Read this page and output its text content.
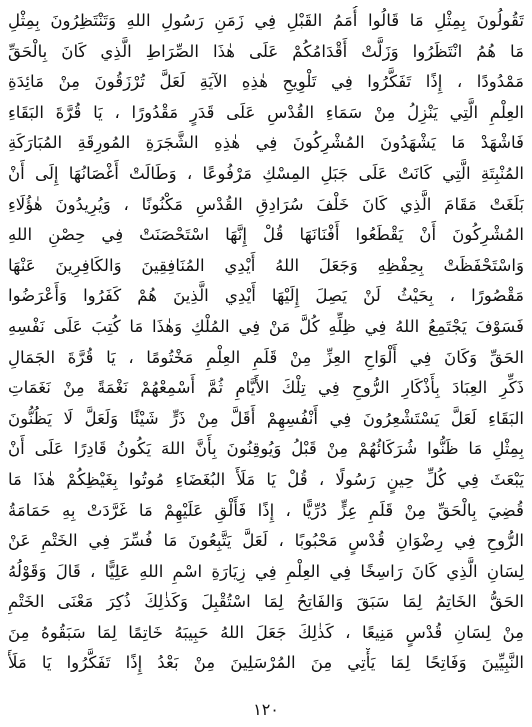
تَقُولُونَ بِمِثْلِ مَا قَالُوا أُمَمُ القَبْلِ فِي زَمَنِ رَسُولِ اللهِ وَتَنْتَظِرُونَ بِمِثْلِ
مَا هُمُ انْتَظَرُوا وَزَلَّتْ أَقْدَامُكُمْ عَلَى هٰذَا الصِّرَاطِ الَّذِي كَانَ بِالْحَقِّ
مَمْدُودًا ، إِذًا تَفَكَّرُوا فِي تَلْوِيحِ هٰذِهِ الآيَةِ لَعَلَّ تُرْزَقُونَ مِنْ مَائِدَةِ
العِلْمِ الَّتِي يَنْزِلُ مِنْ سَمَاءِ القُدْسِ عَلَى قَدَرٍ مَقْدُورًا ، يَا قُرَّةَ البَقَاءِ
فَاشْهَدْ مَا يَشْهَدُونَ المُشْرِكُونَ فِي هٰذِهِ الشَّجَرَةِ المُورِقَةِ المُبَارَكَةِ
المُنْبِتَةِ الَّتِي كَانَتْ عَلَى جَبَلِ المِسْكِ مَرْفُوعًا ، وَطَالَتْ أَغْصَانُهَا إِلَى أَنْ
بَلَغَتْ مَقَامَ الَّذِي كَانَ خَلْفَ سُرَادِقِ القُدْسِ مَكْنُونًا ، وَيُرِيدُونَ هٰؤُلَاءِ
المُشْرِكُونَ أَنْ يَقْطَعُوا أَفْنَانَهَا قُلْ إِنَّهَا اسْتَحْصَنَتْ فِي حِصْنِ اللهِ
وَاسْتَحْفَظَتْ بِحِفْظِهِ وَجَعَلَ اللهُ أَيْدِي المُنَافِقِينَ وَالكَافِرِينَ عَنْهَا
مَقْصُورًا ، بِحَيْثُ لَنْ يَصِلَ إِلَيْهَا أَيْدِي الَّذِينَ هُمْ كَفَرُوا وَأَعْرَضُوا
فَسَوْفَ يَجْتَمِعُ اللهُ فِي ظِلِّهِ كُلَّ مَنْ فِي المُلْكِ وَهٰذَا مَا كُتِبَ عَلَى نَفْسِهِ
الحَقِّ وَكَانَ فِي أَلْوَاحِ العِزِّ مِنْ قَلَمِ العِلْمِ مَخْتُومًا ، يَا قُرَّةَ الجَمَالِ
ذَكِّرِ العِبَادَ بِأَذْكَارِ الرُّوحِ فِي تِلْكَ الأَيَّامِ ثُمَّ أَسْمِعْهُمْ نَغْمَةً مِنْ نَغَمَاتِ
البَقَاءِ لَعَلَّ يَسْتَشْعِرُونَ فِي أَنْفُسِهِمْ أَقَلَّ مِنْ ذَرٍّ شَيْئًا وَلَعَلَّ لَا يَظُنُّونَ
بِمِثْلِ مَا ظَنُّوا شُرَكَائُهُمْ مِنْ قَبْلُ وَيُوقِنُونَ بِأَنَّ اللهَ يَكُونُ قَادِرًا عَلَى أَنْ
يَبْعَثَ فِي كُلِّ حِينٍ رَسُولًا ، قُلْ يَا مَلَأَ البُغَضَاءِ مُوتُوا بِغَيْظِكُمْ هٰذَا مَا
قُضِيَ بِالْحَقِّ مِنْ قَلَمِ عِزٍّ دُرِّيًّا ، إِذًا فَأَلْقِ عَلَيْهِمْ مَا غَرَّدَتْ بِهِ حَمَامَةُ
الرُّوحِ فِي رِضْوَانِ قُدْسٍ مَحْبُوبًا ، لَعَلَّ يَتَّبِعُونَ مَا فُسِّرَ فِي الخَتْمِ عَنْ
لِسَانِ الَّذِي كَانَ رَاسِخًا فِي العِلْمِ فِي زِيَارَةِ اسْمِ اللهِ عَلِيًّا ، قَالَ وَقَوْلُهُ
الحَقُّ الخَاتِمُ لِمَا سَبَقَ وَالفَاتِحُ لِمَا اسْتُقْبِلَ وَكَذٰلِكَ ذُكِرَ مَعْنَى الخَتْمِ
مِنْ لِسَانِ قُدْسٍ مَنِيعًا ، كَذٰلِكَ جَعَلَ اللهُ حَبِيبَهُ خَاتِمًا لِمَا سَبَقُوهُ مِنَ
النَّبِيِّينَ وَفَاتِحًا لِمَا يَأْتِي مِنَ المُرْسَلِينَ مِنْ بَعْدُ إِذًا تَفَكَّرُوا يَا مَلَأَ
١٢٠
